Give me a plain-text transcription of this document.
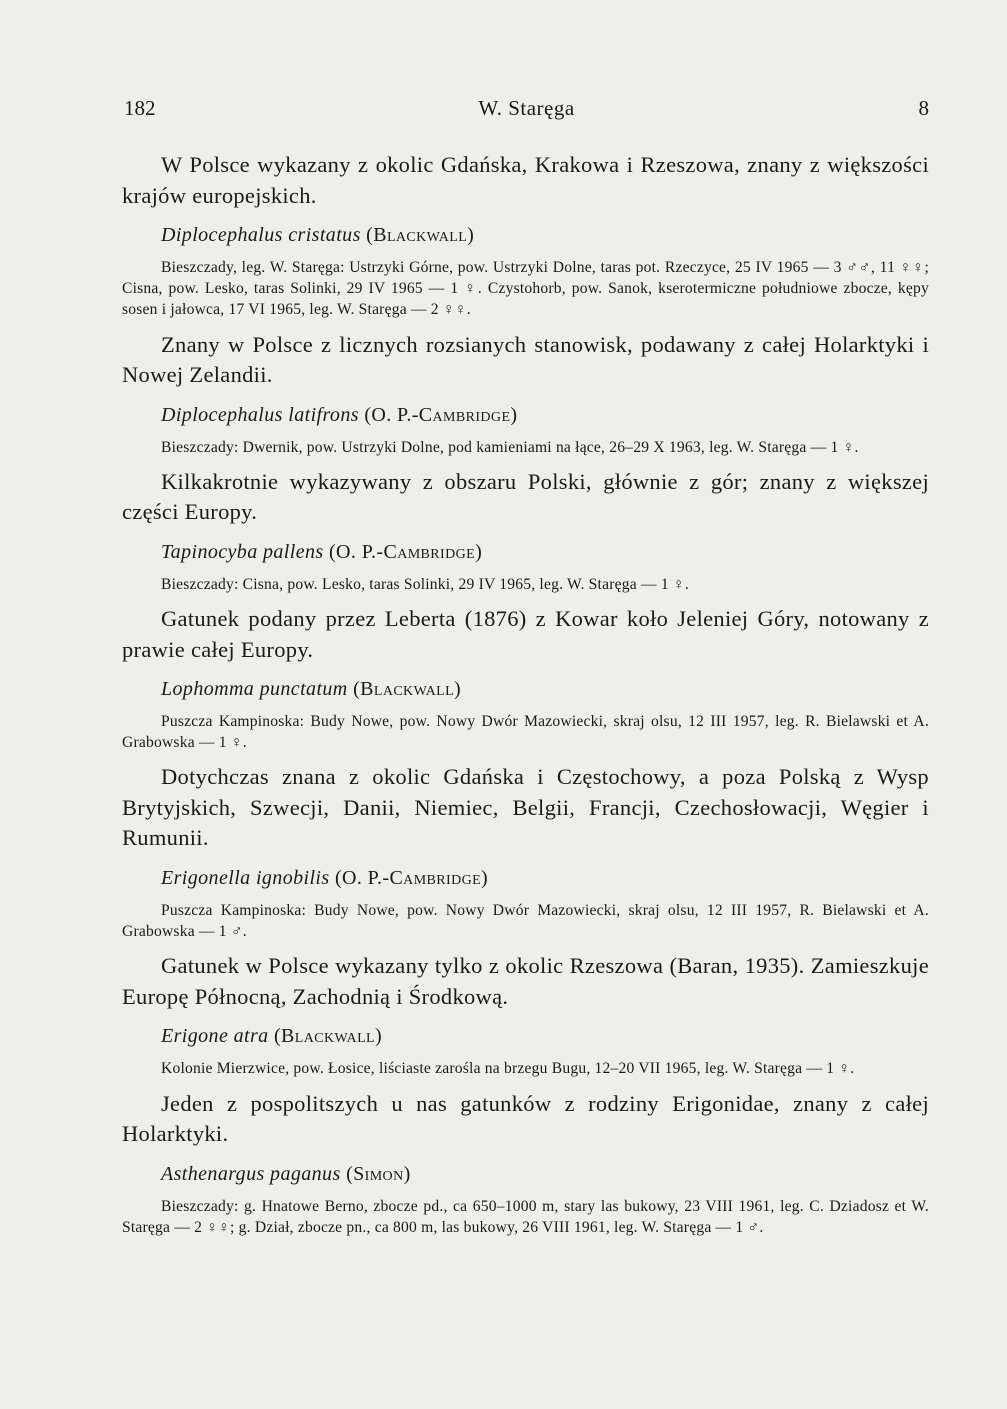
182	W. Staręga	8

W Polsce wykazany z okolic Gdańska, Krakowa i Rzeszowa, znany z większości krajów europejskich.

Diplocephalus cristatus (Blackwall)

Bieszczady, leg. W. Staręga: Ustrzyki Górne, pow. Ustrzyki Dolne, taras pot. Rzeczyce, 25 IV 1965 — 3 ♂♂, 11 ♀♀; Cisna, pow. Lesko, taras Solinki, 29 IV 1965 — 1 ♀. Czystohorb, pow. Sanok, kserotermiczne południowe zbocze, kępy sosen i jałowca, 17 VI 1965, leg. W. Staręga — 2 ♀♀.

Znany w Polsce z licznych rozsianych stanowisk, podawany z całej Holarktyki i Nowej Zelandii.

Diplocephalus latifrons (O. P.-Cambridge)

Bieszczady: Dwernik, pow. Ustrzyki Dolne, pod kamieniami na łące, 26–29 X 1963, leg. W. Staręga — 1 ♀.

Kilkakrotnie wykazywany z obszaru Polski, głównie z gór; znany z większej części Europy.

Tapinocyba pallens (O. P.-Cambridge)

Bieszczady: Cisna, pow. Lesko, taras Solinki, 29 IV 1965, leg. W. Staręga — 1 ♀.

Gatunek podany przez Leberta (1876) z Kowar koło Jeleniej Góry, notowany z prawie całej Europy.

Lophomma punctatum (Blackwall)

Puszcza Kampinoska: Budy Nowe, pow. Nowy Dwór Mazowiecki, skraj olsu, 12 III 1957, leg. R. Bielawski et A. Grabowska — 1 ♀.

Dotychczas znana z okolic Gdańska i Częstochowy, a poza Polską z Wysp Brytyjskich, Szwecji, Danii, Niemiec, Belgii, Francji, Czechosłowacji, Węgier i Rumunii.

Erigonella ignobilis (O. P.-Cambridge)

Puszcza Kampinoska: Budy Nowe, pow. Nowy Dwór Mazowiecki, skraj olsu, 12 III 1957, R. Bielawski et A. Grabowska — 1 ♂.

Gatunek w Polsce wykazany tylko z okolic Rzeszowa (Baran, 1935). Zamieszkuje Europę Północną, Zachodnią i Środkową.

Erigone atra (Blackwall)

Kolonie Mierzwice, pow. Łosice, liściaste zarośla na brzegu Bugu, 12–20 VII 1965, leg. W. Staręga — 1 ♀.

Jeden z pospolitszych u nas gatunków z rodziny Erigonidae, znany z całej Holarktyki.

Asthenargus paganus (Simon)

Bieszczady: g. Hnatowe Berno, zbocze pd., ca 650–1000 m, stary las bukowy, 23 VIII 1961, leg. C. Dziadosz et W. Staręga — 2 ♀♀; g. Dział, zbocze pn., ca 800 m, las bukowy, 26 VIII 1961, leg. W. Staręga — 1 ♂.
